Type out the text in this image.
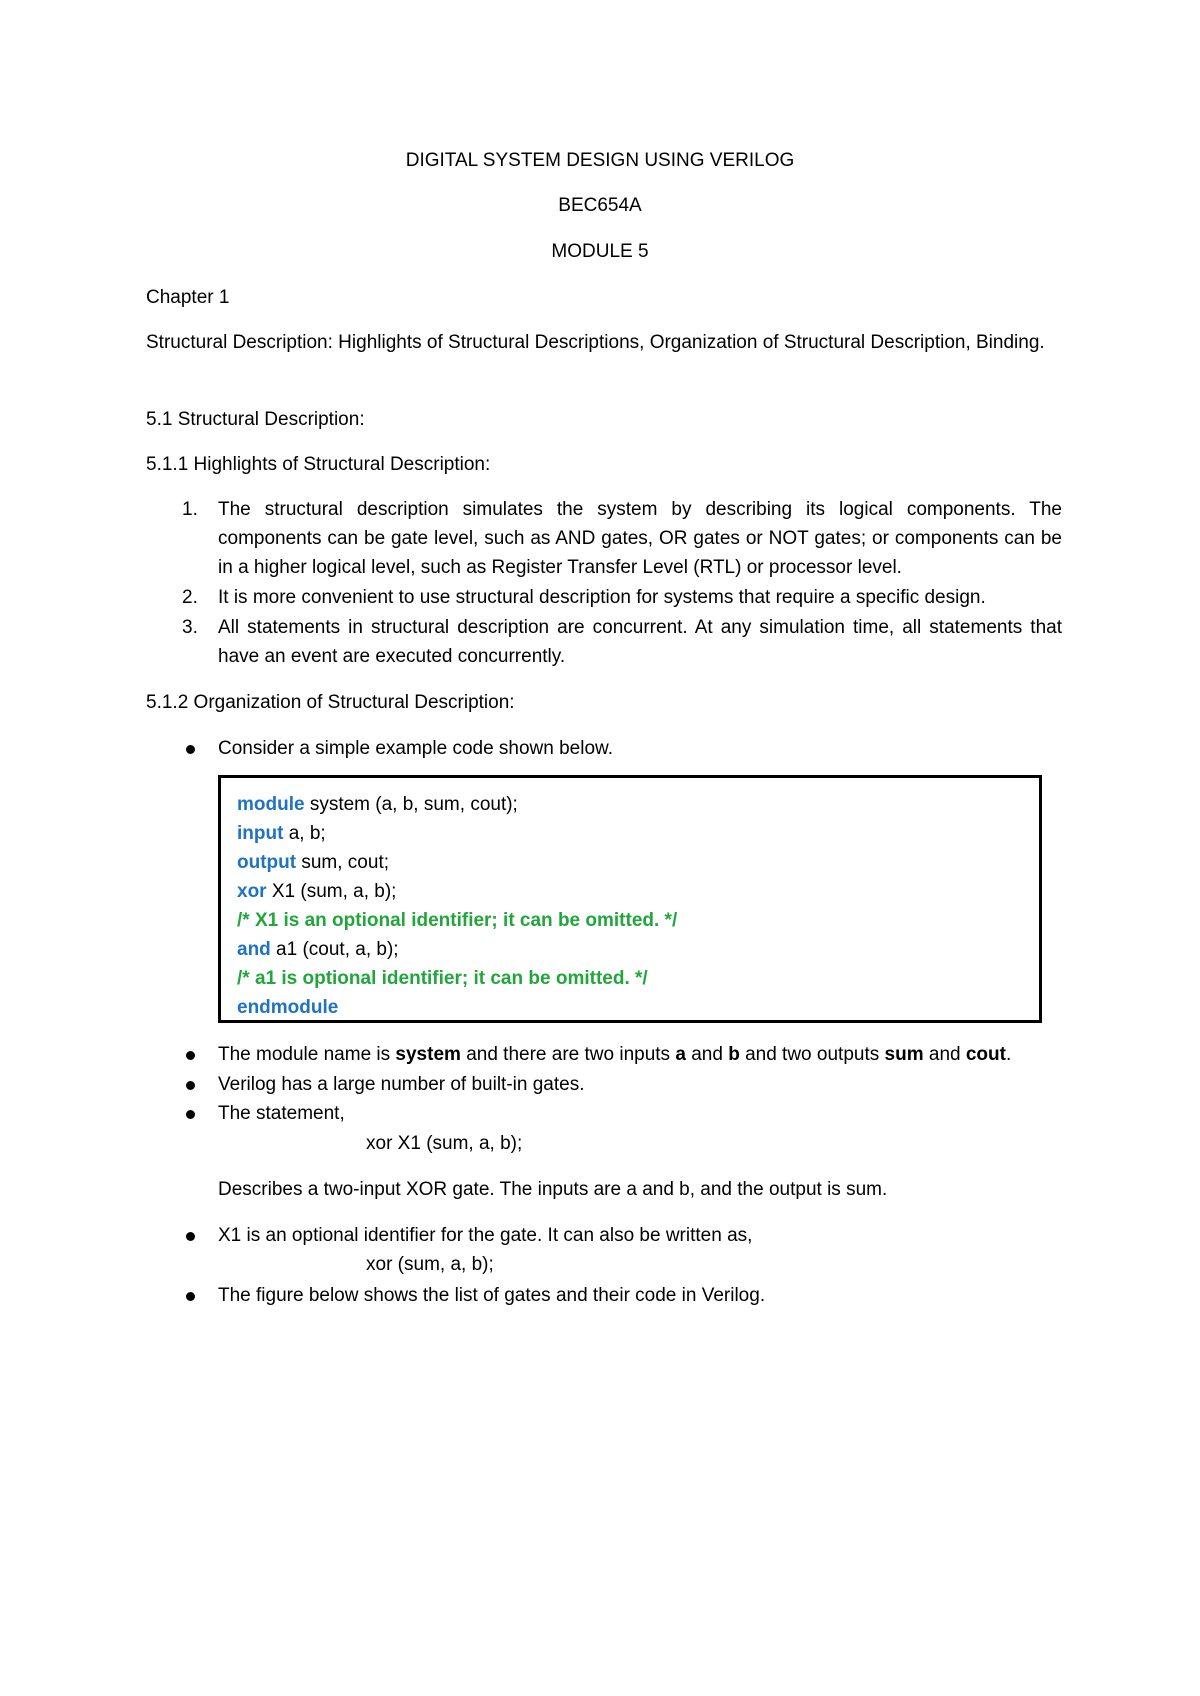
DIGITAL SYSTEM DESIGN USING VERILOG

BEC654A

MODULE 5

Chapter 1

Structural Description: Highlights of Structural Descriptions, Organization of Structural Description, Binding.

5.1 Structural Description:

5.1.1 Highlights of Structural Description:

1. The structural description simulates the system by describing its logical components. The components can be gate level, such as AND gates, OR gates or NOT gates; or components can be in a higher logical level, such as Register Transfer Level (RTL) or processor level.
2. It is more convenient to use structural description for systems that require a specific design.
3. All statements in structural description are concurrent. At any simulation time, all statements that have an event are executed concurrently.

5.1.2 Organization of Structural Description:

Consider a simple example code shown below.

module system (a, b, sum, cout);

input a, b;

output sum, cout;

xor X1 (sum, a, b);

/* X1 is an optional identifier; it can be omitted. */

and a1 (cout, a, b);

/* a1 is optional identifier; it can be omitted. */

endmodule

The module name is system and there are two inputs a and b and two outputs sum and cout.
Verilog has a large number of built-in gates.
The statement,

xor X1 (sum, a, b);

Describes a two-input XOR gate. The inputs are a and b, and the output is sum.

X1 is an optional identifier for the gate. It can also be written as,

xor (sum, a, b);

The figure below shows the list of gates and their code in Verilog.
